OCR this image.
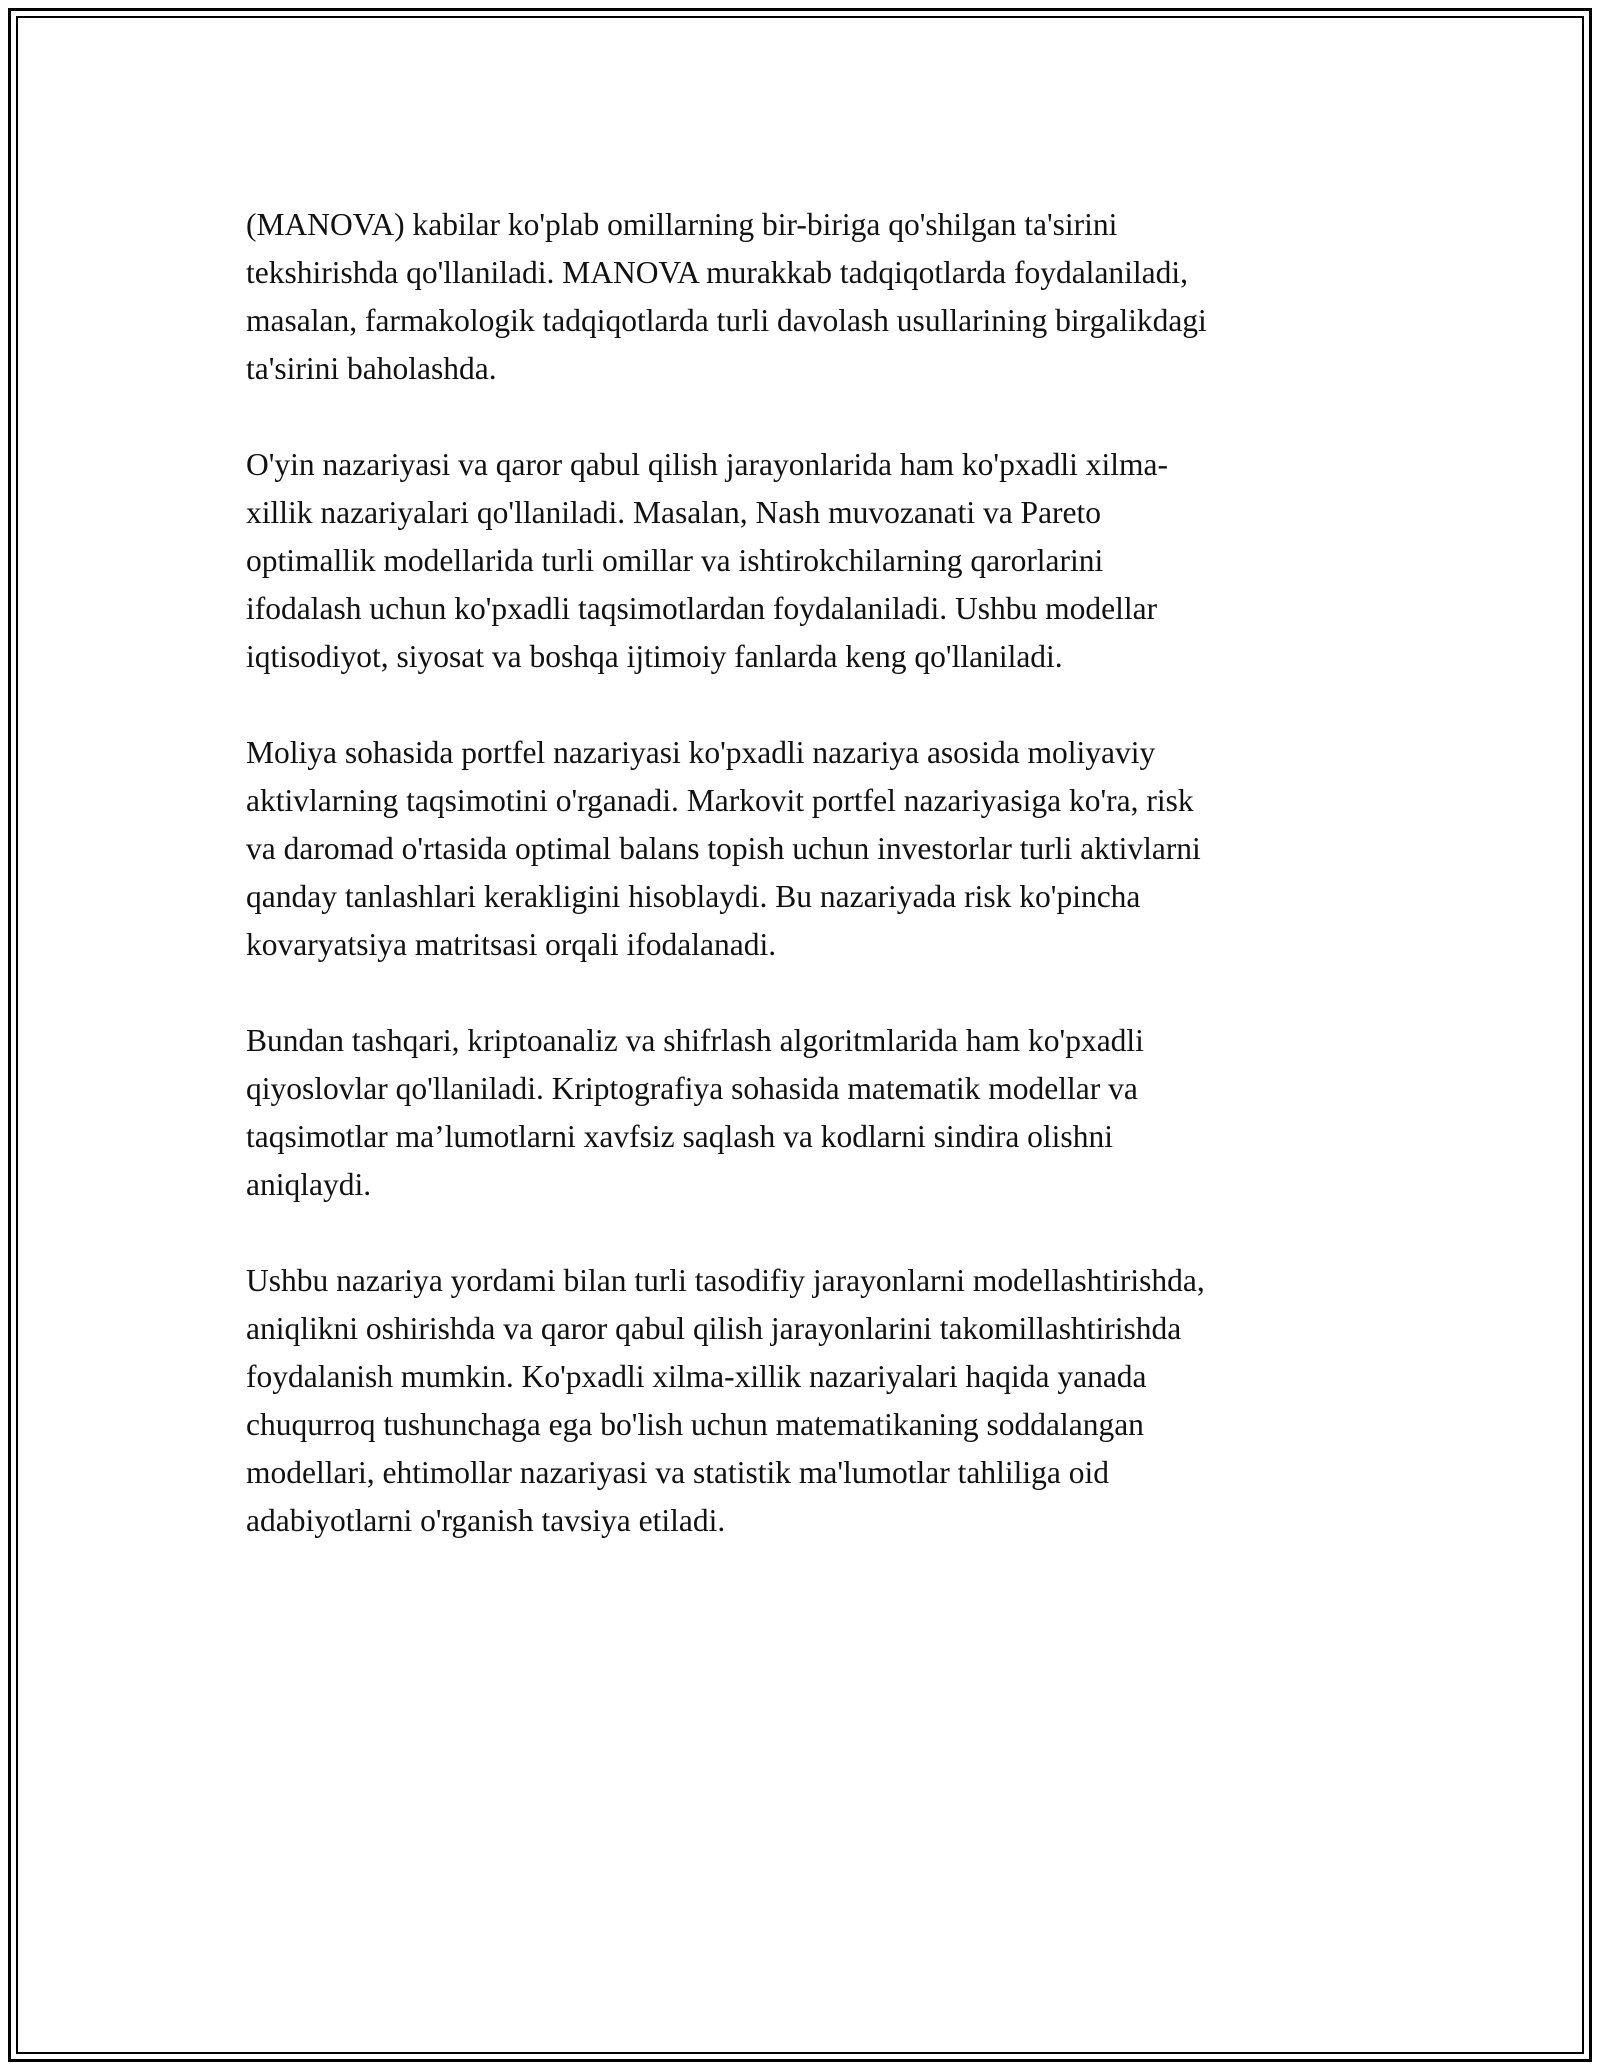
(MANOVA) kabilar ko'plab omillarning bir-biriga qo'shilgan ta'sirini
tekshirishda qo'llaniladi. MANOVA murakkab tadqiqotlarda foydalaniladi,
masalan, farmakologik tadqiqotlarda turli davolash usullarining birgalikdagi
ta'sirini baholashda.

O'yin nazariyasi va qaror qabul qilish jarayonlarida ham ko'pxadli xilma-
xillik nazariyalari qo'llaniladi. Masalan, Nash muvozanati va Pareto
optimallik modellarida turli omillar va ishtirokchilarning qarorlarini
ifodalash uchun ko'pxadli taqsimotlardan foydalaniladi. Ushbu modellar
iqtisodiyot, siyosat va boshqa ijtimoiy fanlarda keng qo'llaniladi.

Moliya sohasida portfel nazariyasi ko'pxadli nazariya asosida moliyaviy
aktivlarning taqsimotini o'rganadi. Markovit portfel nazariyasiga ko'ra, risk
va daromad o'rtasida optimal balans topish uchun investorlar turli aktivlarni
qanday tanlashlari kerakligini hisoblaydi. Bu nazariyada risk ko'pincha
kovaryatsiya matritsasi orqali ifodalanadi.

Bundan tashqari, kriptoanaliz va shifrlash algoritmlarida ham ko'pxadli
qiyoslovlar qo'llaniladi. Kriptografiya sohasida matematik modellar va
taqsimotlar ma’lumotlarni xavfsiz saqlash va kodlarni sindira olishni
aniqlaydi.

Ushbu nazariya yordami bilan turli tasodifiy jarayonlarni modellashtirishda,
aniqlikni oshirishda va qaror qabul qilish jarayonlarini takomillashtirishda
foydalanish mumkin. Ko'pxadli xilma-xillik nazariyalari haqida yanada
chuqurroq tushunchaga ega bo'lish uchun matematikaning soddalangan
modellari, ehtimollar nazariyasi va statistik ma'lumotlar tahliliga oid
adabiyotlarni o'rganish tavsiya etiladi.
